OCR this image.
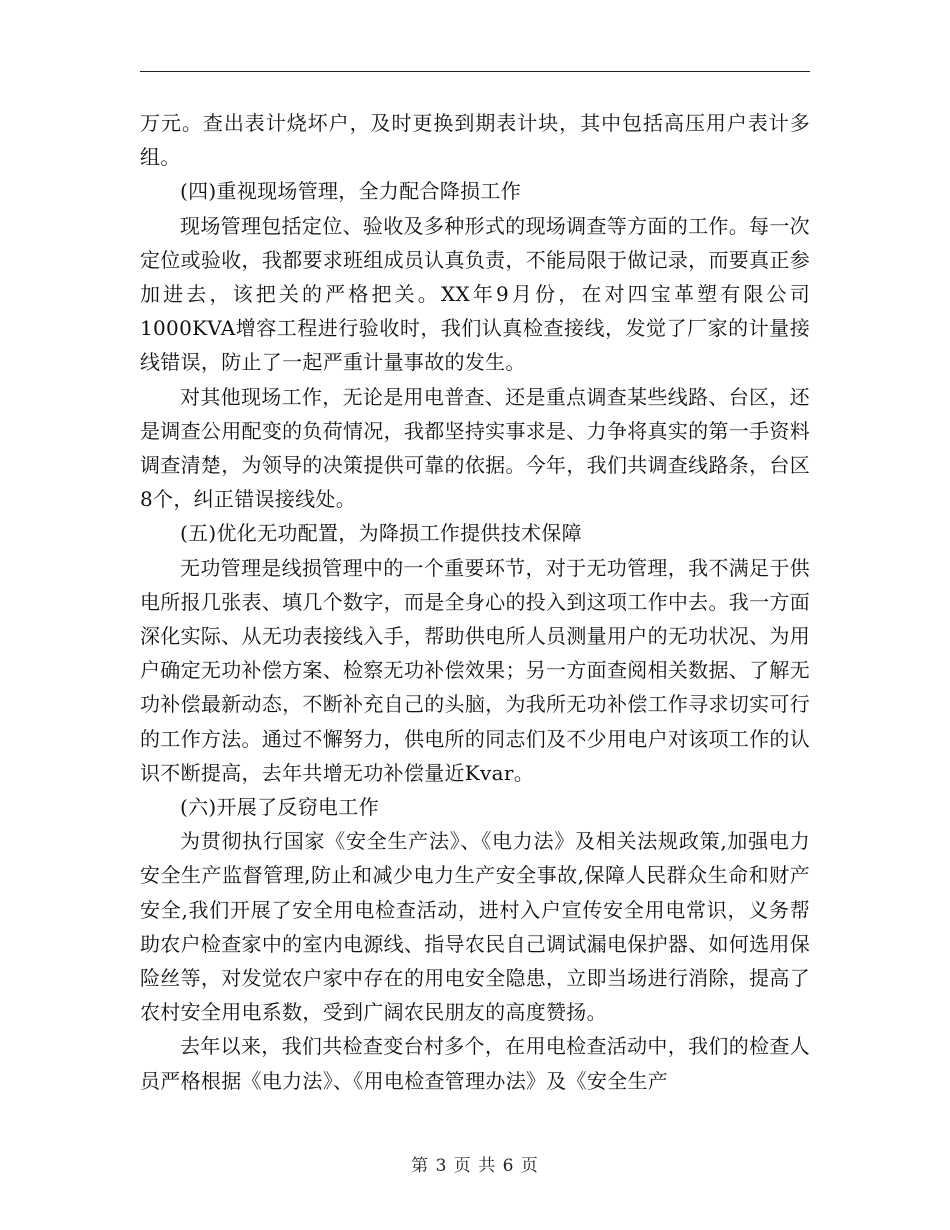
万元。查出表计烧坏户，及时更换到期表计块，其中包括高压用户表计多组。

(四)重视现场管理，全力配合降损工作

现场管理包括定位、验收及多种形式的现场调查等方面的工作。每一次定位或验收，我都要求班组成员认真负责，不能局限于做记录，而要真正参加进去，该把关的严格把关。XX年9月份，在对四宝革塑有限公司1000KVA增容工程进行验收时，我们认真检查接线，发觉了厂家的计量接线错误，防止了一起严重计量事故的发生。

对其他现场工作，无论是用电普查、还是重点调查某些线路、台区，还是调查公用配变的负荷情况，我都坚持实事求是、力争将真实的第一手资料调查清楚，为领导的决策提供可靠的依据。今年，我们共调查线路条，台区8个，纠正错误接线处。

(五)优化无功配置，为降损工作提供技术保障

无功管理是线损管理中的一个重要环节，对于无功管理，我不满足于供电所报几张表、填几个数字，而是全身心的投入到这项工作中去。我一方面深化实际、从无功表接线入手，帮助供电所人员测量用户的无功状况、为用户确定无功补偿方案、检察无功补偿效果；另一方面查阅相关数据、了解无功补偿最新动态，不断补充自己的头脑，为我所无功补偿工作寻求切实可行的工作方法。通过不懈努力，供电所的同志们及不少用电户对该项工作的认识不断提高，去年共增无功补偿量近Kvar。

(六)开展了反窃电工作

为贯彻执行国家《安全生产法》、《电力法》及相关法规政策,加强电力安全生产监督管理,防止和减少电力生产安全事故,保障人民群众生命和财产安全,我们开展了安全用电检查活动，进村入户宣传安全用电常识，义务帮助农户检查家中的室内电源线、指导农民自己调试漏电保护器、如何选用保险丝等，对发觉农户家中存在的用电安全隐患，立即当场进行消除，提高了农村安全用电系数，受到广阔农民朋友的高度赞扬。

去年以来，我们共检查变台村多个，在用电检查活动中，我们的检查人员严格根据《电力法》、《用电检查管理办法》及《安全生产

第 3 页 共 6 页
